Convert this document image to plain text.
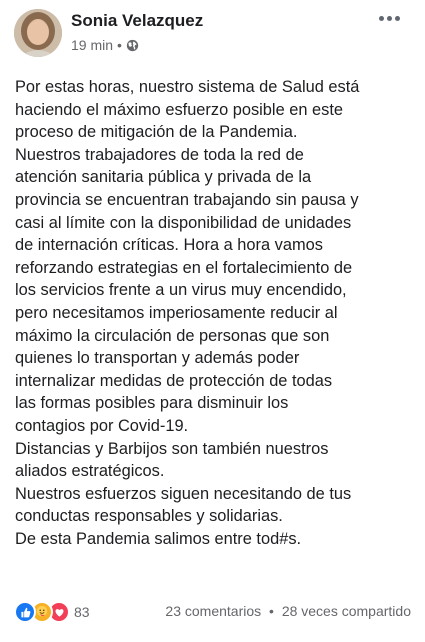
Sonia Velazquez
19 min •

Por estas horas, nuestro sistema de Salud está

haciendo el máximo esfuerzo posible en este

proceso de mitigación de la Pandemia.

Nuestros trabajadores de toda la red de

atención sanitaria pública y privada de la

provincia se encuentran trabajando sin pausa y

casi al límite con la disponibilidad de unidades

de internación críticas. Hora a hora vamos

reforzando estrategias en el fortalecimiento de

los servicios frente a un virus muy encendido,

pero necesitamos imperiosamente reducir al

máximo la circulación de personas que son

quienes lo transportan y además poder

internalizar medidas de protección de todas

las formas posibles para disminuir los

contagios por Covid-19.

Distancias y Barbijos son también nuestros

aliados estratégicos.

Nuestros esfuerzos siguen necesitando de tus

conductas responsables y solidarias.

De esta Pandemia salimos entre tod#s.

83	23 comentarios • 28 veces compartido
